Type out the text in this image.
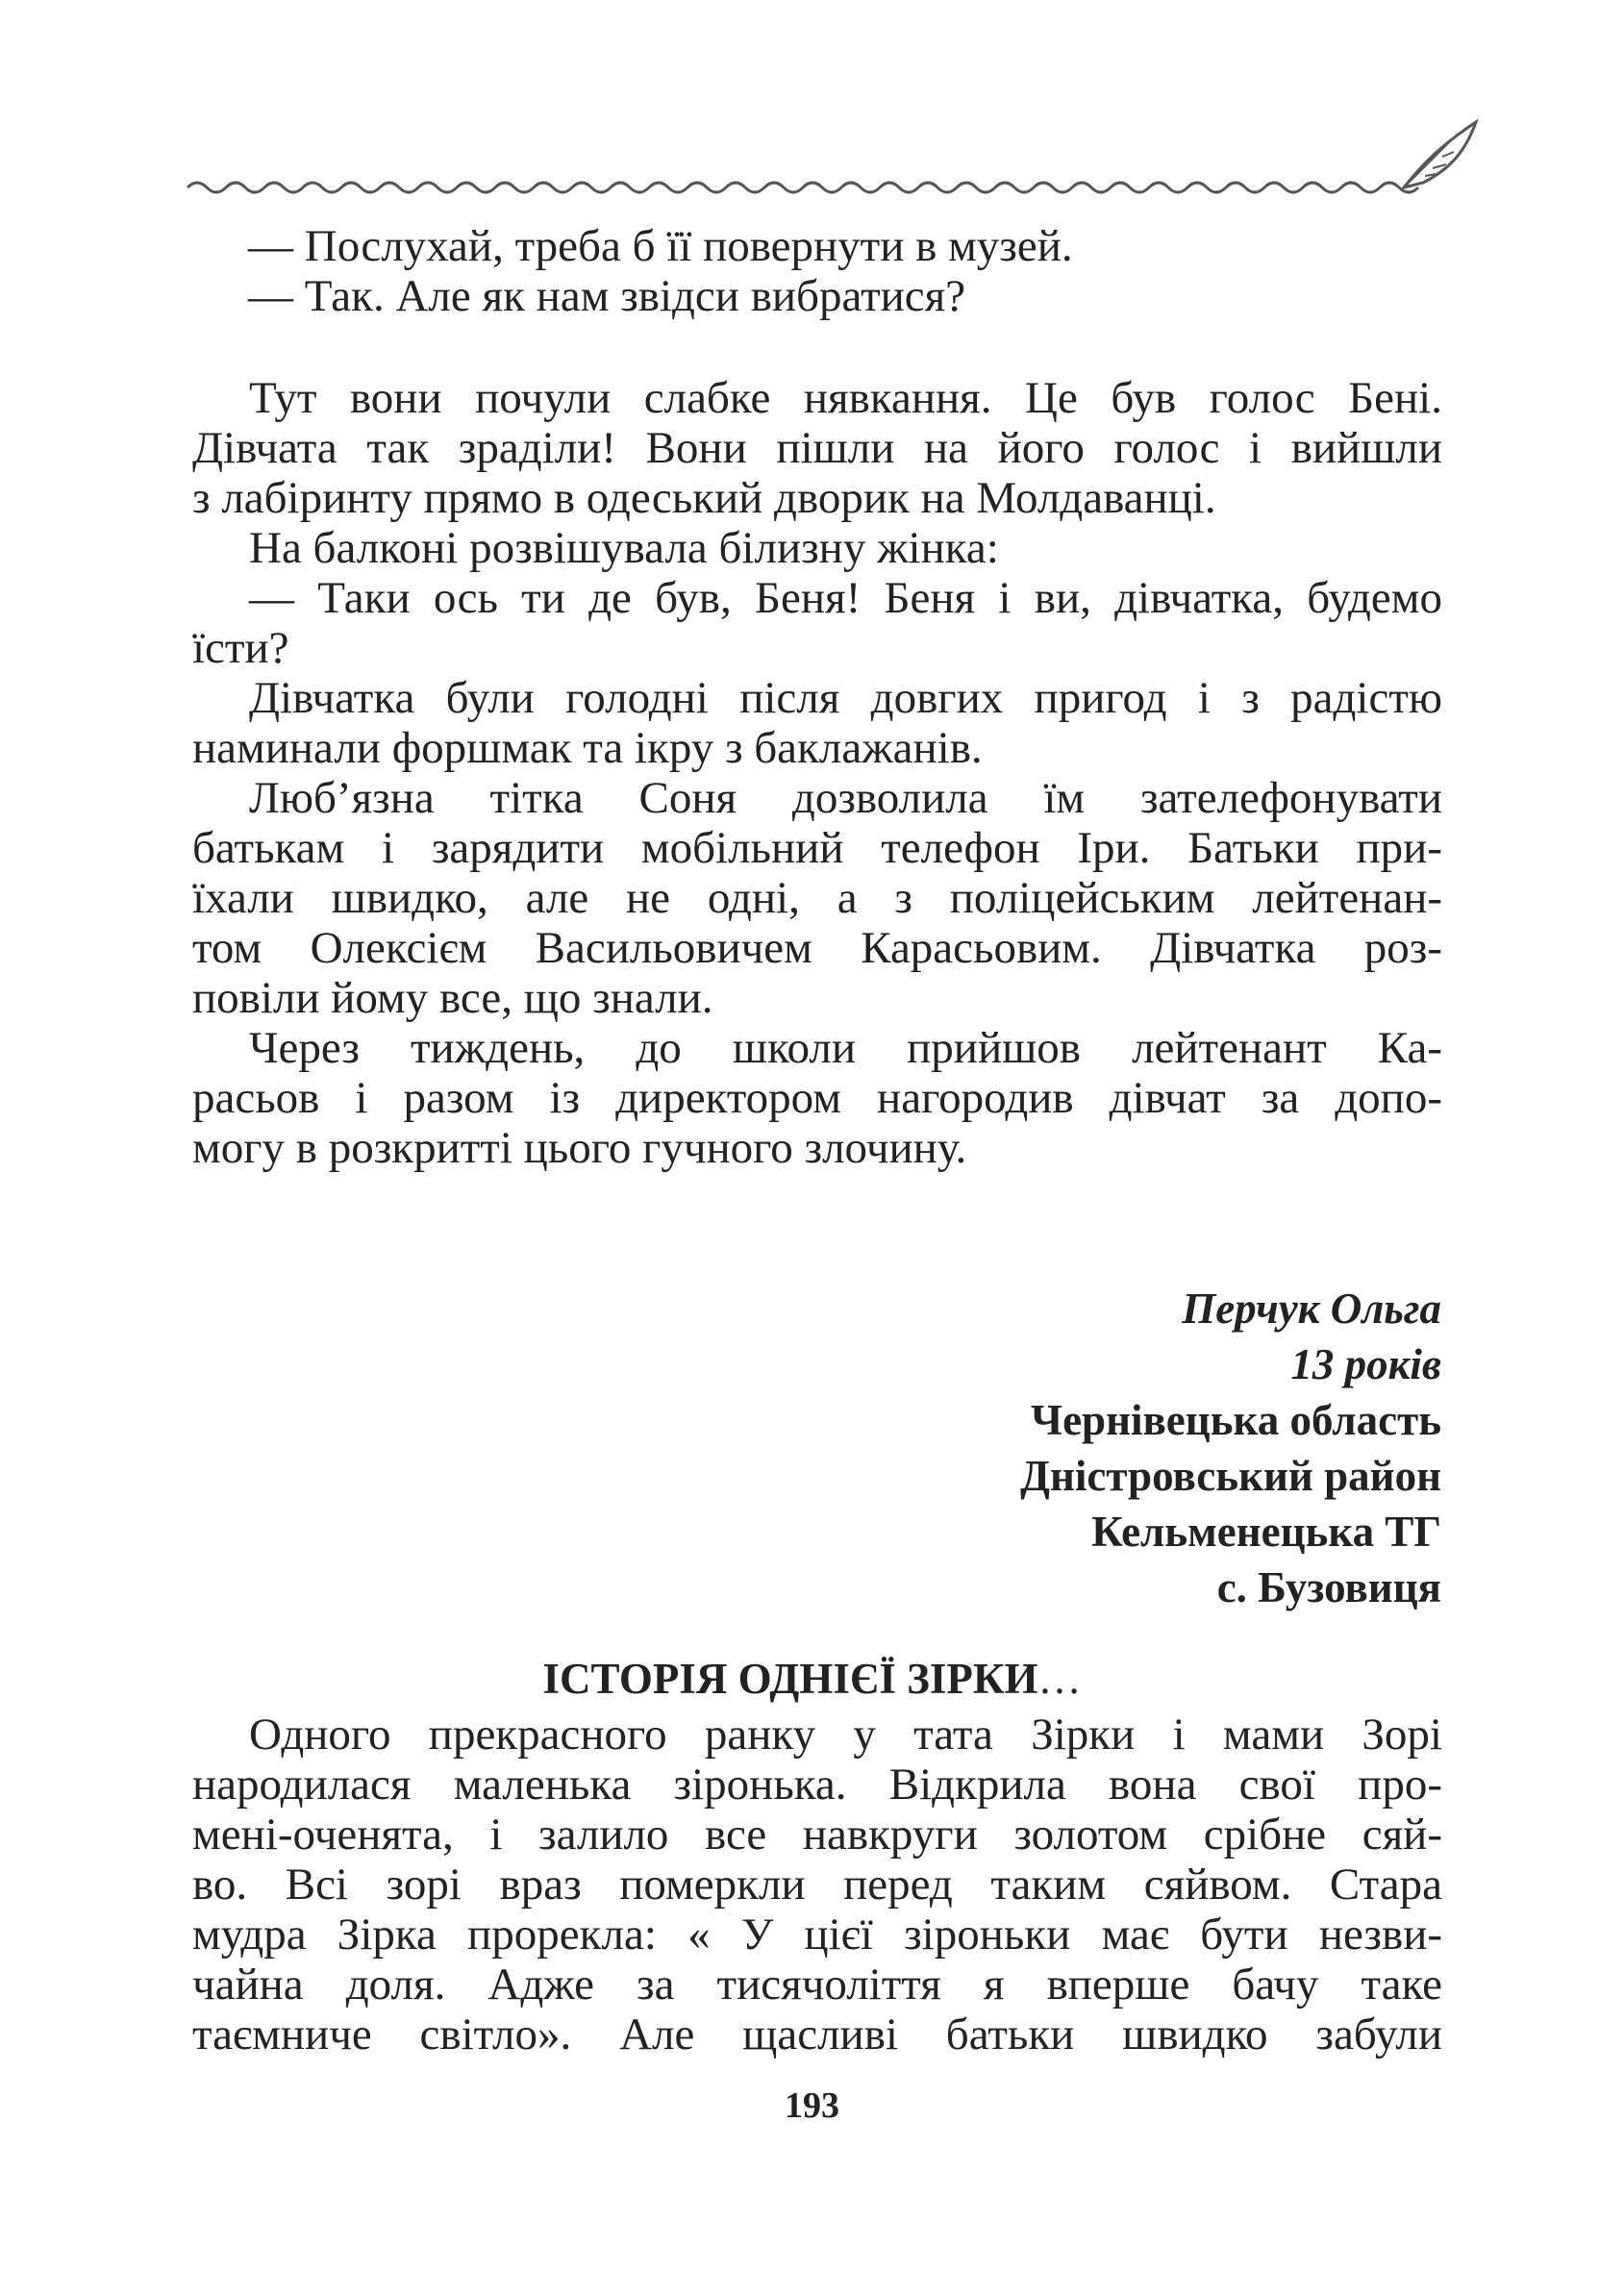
— Послухай, треба б її повернути в музей.
— Так. Але як нам звідси вибратися?
Тут вони почули слабке нявкання. Це був голос Бені.
Дівчата так зраділи! Вони пішли на його голос і вийшли
з лабіринту прямо в одеський дворик на Молдаванці.
На балконі розвішувала білизну жінка:
— Таки ось ти де був, Беня! Беня і ви, дівчатка, будемо
їсти?
Дівчатка були голодні після довгих пригод і з радістю
наминали форшмак та ікру з баклажанів.
Люб’язна тітка Соня дозволила їм зателефонувати
батькам і зарядити мобільний телефон Іри. Батьки при-
їхали швидко, але не одні, а з поліцейським лейтенан-
том Олексієм Васильовичем Карасьовим. Дівчатка роз-
повіли йому все, що знали.
Через тиждень, до школи прийшов лейтенант Ка-
расьов і разом із директором нагородив дівчат за допо-
могу в розкритті цього гучного злочину.
Перчук Ольга
13 років
Чернівецька область
Дністровський район
Кельменецька ТГ
с. Бузовиця
ІСТОРІЯ ОДНІЄЇ ЗІРКИ…
Одного прекрасного ранку у тата Зірки і мами Зорі
народилася маленька зіронька. Відкрила вона свої про-
мені-оченята, і залило все навкруги золотом срібне сяй-
во. Всі зорі враз померкли перед таким сяйвом. Стара
мудра Зірка прорекла: « У цієї зіроньки має бути незви-
чайна доля. Адже за тисячоліття я вперше бачу таке
таємниче світло». Але щасливі батьки швидко забули
193
